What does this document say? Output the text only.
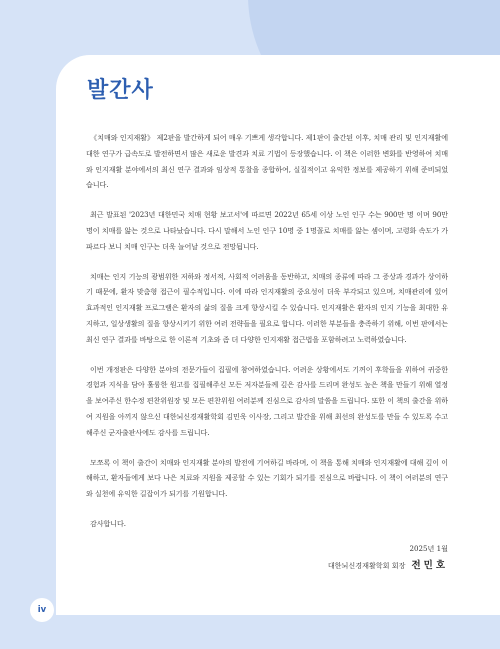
발간사

《치매와 인지재활》 제2판을 발간하게 되어 매우 기쁘게 생각합니다. 제1판이 출간된 이후, 치매 관리 및 인지재활에 대한 연구가 급속도로 발전하면서 많은 새로운 발견과 치료 기법이 등장했습니다. 이 책은 이러한 변화를 반영하여 치매와 인지재활 분야에서의 최신 연구 결과와 임상적 통찰을 종합하여, 실질적이고 유익한 정보를 제공하기 위해 준비되었습니다.

최근 발표된 '2023년 대한민국 치매 현황 보고서'에 따르면 2022년 65세 이상 노인 인구 수는 900만 명 이며 90만 명이 치매를 앓는 것으로 나타났습니다. 다시 말해서 노인 인구 10명 중 1명꼴로 치매를 앓는 셈이며, 고령화 속도가 가파르다 보니 치매 인구는 더욱 늘어날 것으로 전망됩니다.

치매는 인지 기능의 광범위한 저하와 정서적, 사회적 어려움을 동반하고, 치매의 종류에 따라 그 증상과 경과가 상이하기 때문에, 환자 맞춤형 접근이 필수적입니다. 이에 따라 인지재활의 중요성이 더욱 부각되고 있으며, 치매관리에 있어 효과적인 인지재활 프로그램은 환자의 삶의 질을 크게 향상시킬 수 있습니다. 인지재활은 환자의 인지 기능을 최대한 유지하고, 일상생활의 질을 향상시키기 위한 여러 전략들을 필요로 합니다. 이러한 부분들을 충족하기 위해, 이번 판에서는 최신 연구 결과를 바탕으로 한 이론적 기초와 좀 더 다양한 인지재활 접근법을 포함하려고 노력하였습니다.

이번 개정판은 다양한 분야의 전문가들이 집필에 참여하였습니다. 어려운 상황에서도 기꺼이 후학들을 위하여 귀중한 경험과 지식을 담아 훌륭한 원고를 집필해주신 모든 저자분들께 깊은 감사를 드리며 완성도 높은 책을 만들기 위해 열정을 보여주신 한수정 편찬위원장 및 모든 편찬위원 여러분께 진심으로 감사의 말씀을 드립니다. 또한 이 책의 출간을 위하여 지원을 아끼지 않으신 대한뇌신경재활학회 김민욱 이사장, 그리고 발간을 위해 최선의 완성도를 만들 수 있도록 수고해주신 군자출판사에도 감사를 드립니다.

모쪼록 이 책이 출간이 치매와 인지재활 분야의 발전에 기여하길 바라며, 이 책을 통해 치매와 인지재활에 대해 깊이 이해하고, 환자들에게 보다 나은 치료와 지원을 제공할 수 있는 기회가 되기를 진심으로 바랍니다. 이 책이 여러분의 연구와 실천에 유익한 길잡이가 되기를 기원합니다.

감사합니다.

2025년 1월
대한뇌신경재활학회 회장 전민호
iv
